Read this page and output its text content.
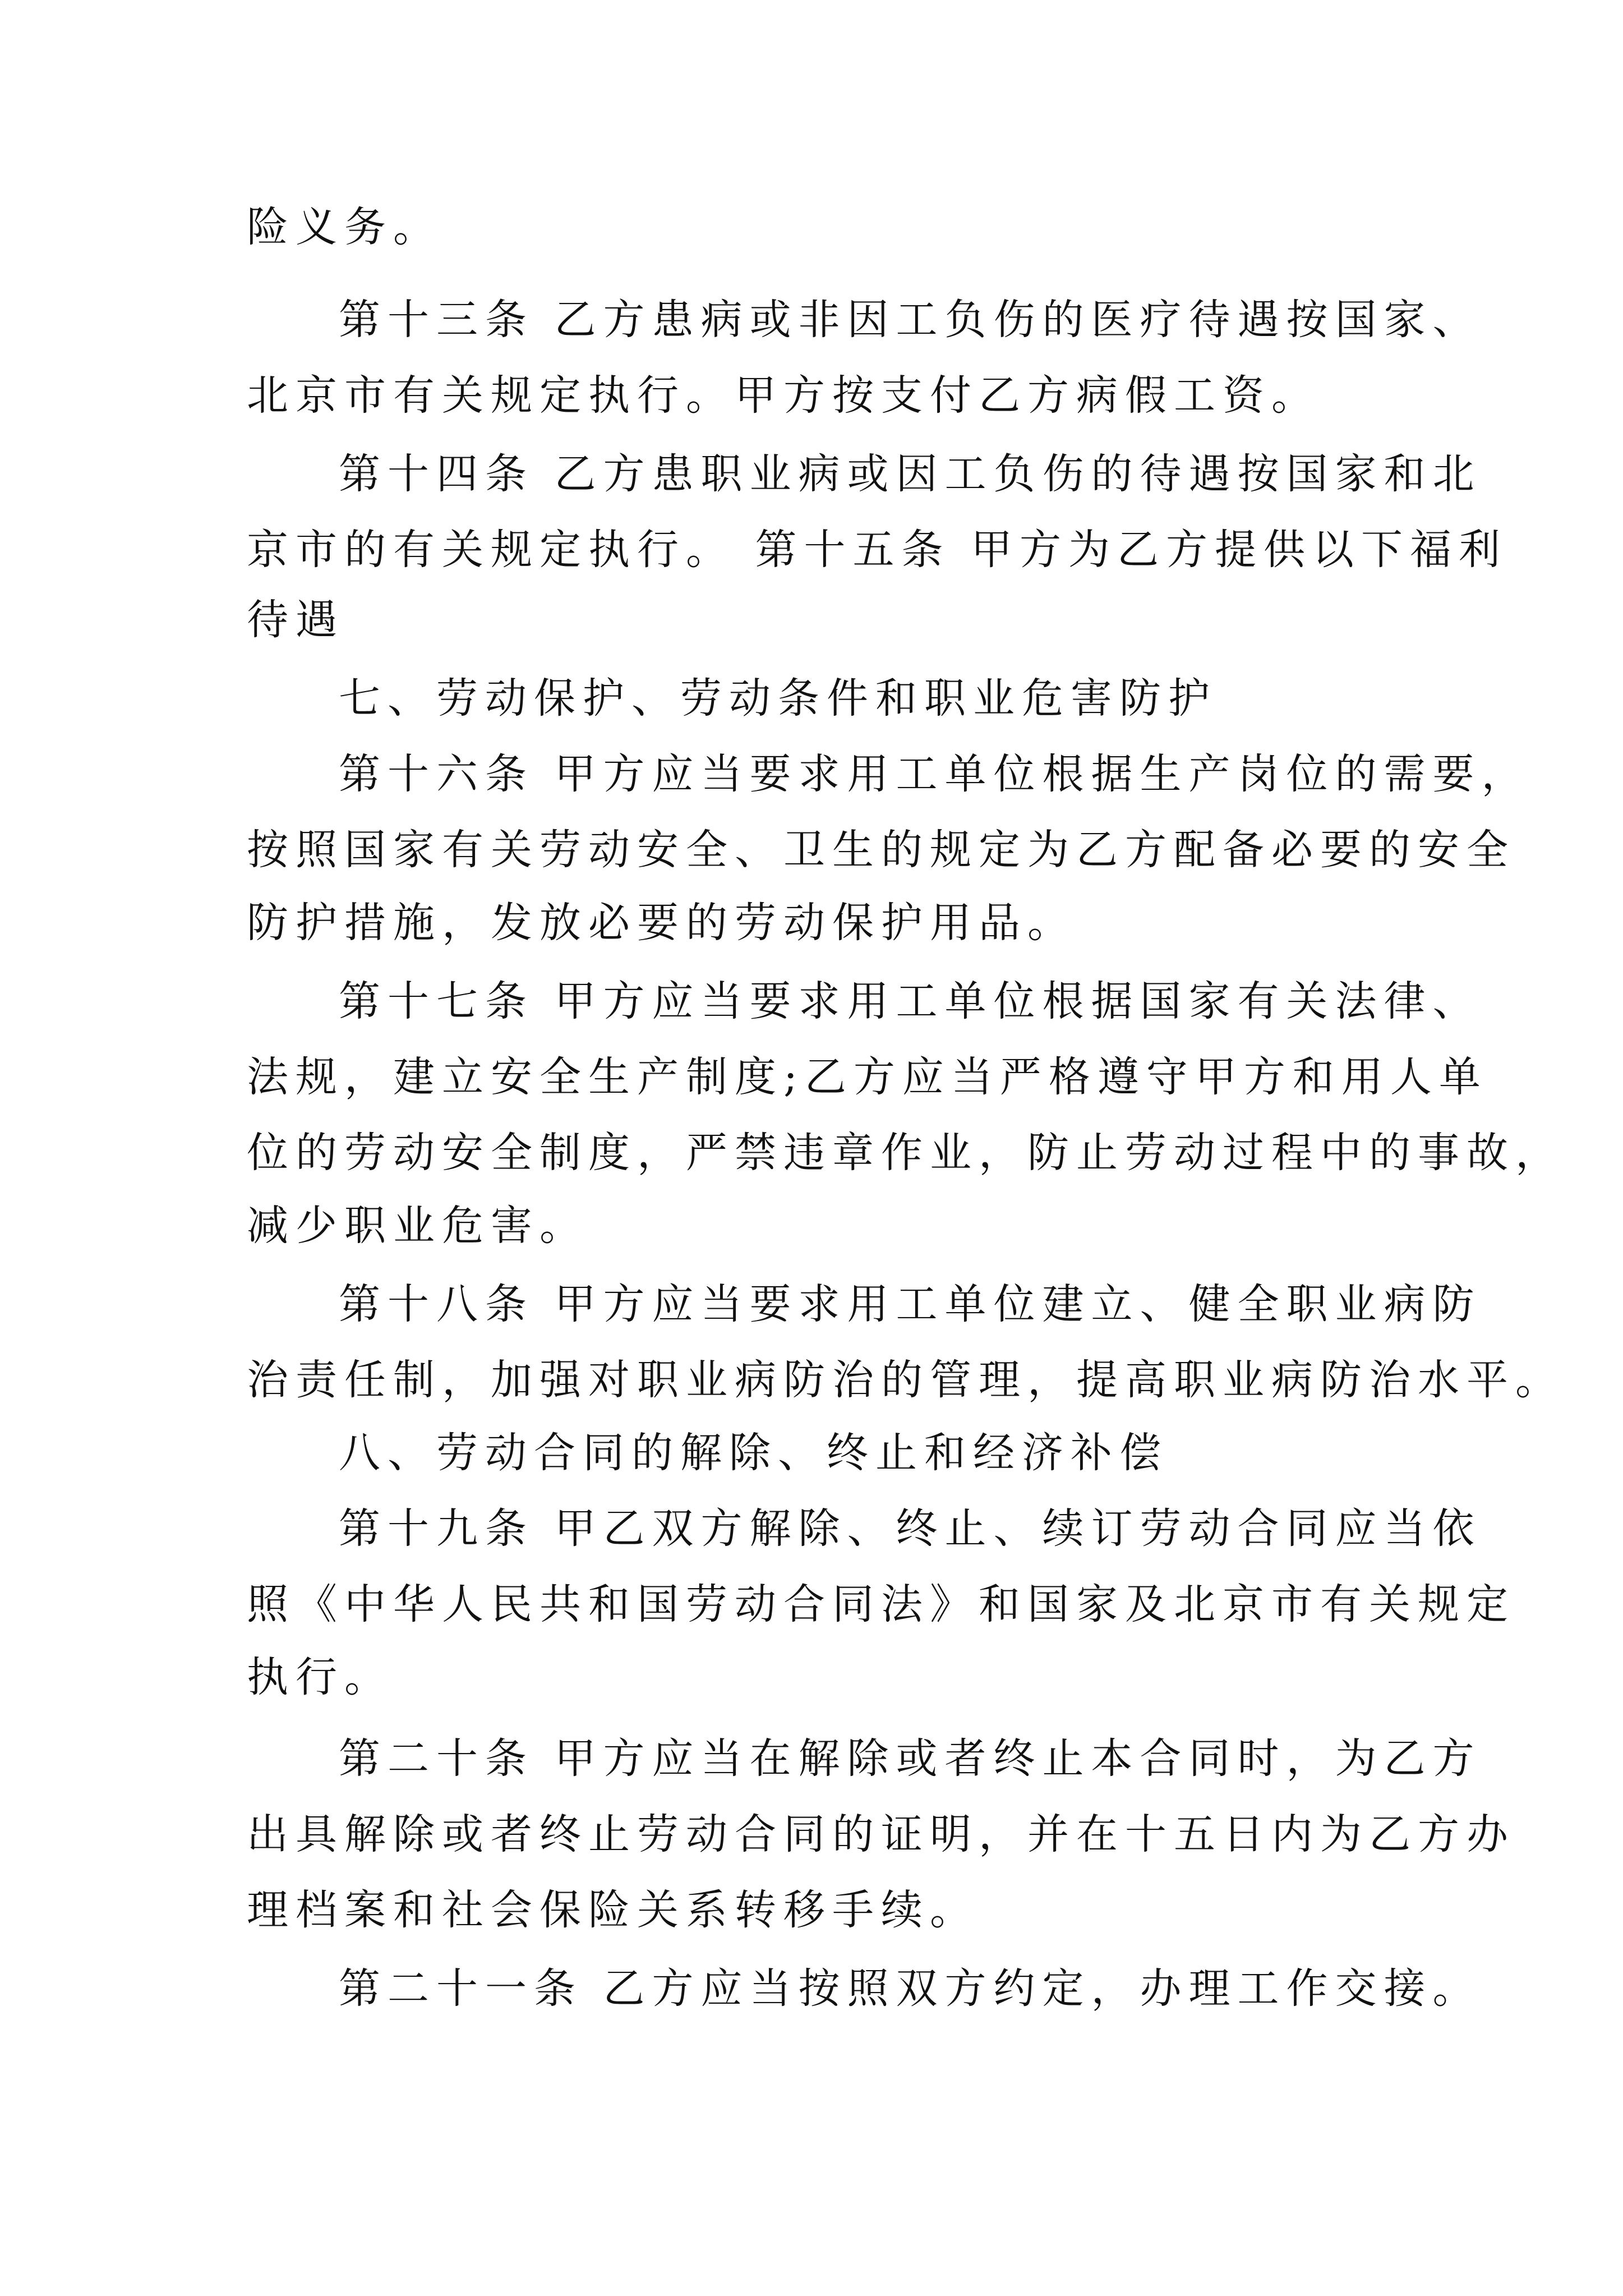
险义务。

第十三条 乙方患病或非因工负伤的医疗待遇按国家、

北京市有关规定执行。甲方按支付乙方病假工资。

第十四条 乙方患职业病或因工负伤的待遇按国家和北

京市的有关规定执行。 第十五条 甲方为乙方提供以下福利

待遇

七、劳动保护、劳动条件和职业危害防护

第十六条 甲方应当要求用工单位根据生产岗位的需要，

按照国家有关劳动安全、卫生的规定为乙方配备必要的安全

防护措施，发放必要的劳动保护用品。

第十七条 甲方应当要求用工单位根据国家有关法律、

法规，建立安全生产制度;乙方应当严格遵守甲方和用人单

位的劳动安全制度，严禁违章作业，防止劳动过程中的事故，

减少职业危害。

第十八条 甲方应当要求用工单位建立、健全职业病防

治责任制，加强对职业病防治的管理，提高职业病防治水平。

八、劳动合同的解除、终止和经济补偿

第十九条 甲乙双方解除、终止、续订劳动合同应当依

照《中华人民共和国劳动合同法》和国家及北京市有关规定

执行。

第二十条 甲方应当在解除或者终止本合同时，为乙方

出具解除或者终止劳动合同的证明，并在十五日内为乙方办

理档案和社会保险关系转移手续。

第二十一条 乙方应当按照双方约定，办理工作交接。
